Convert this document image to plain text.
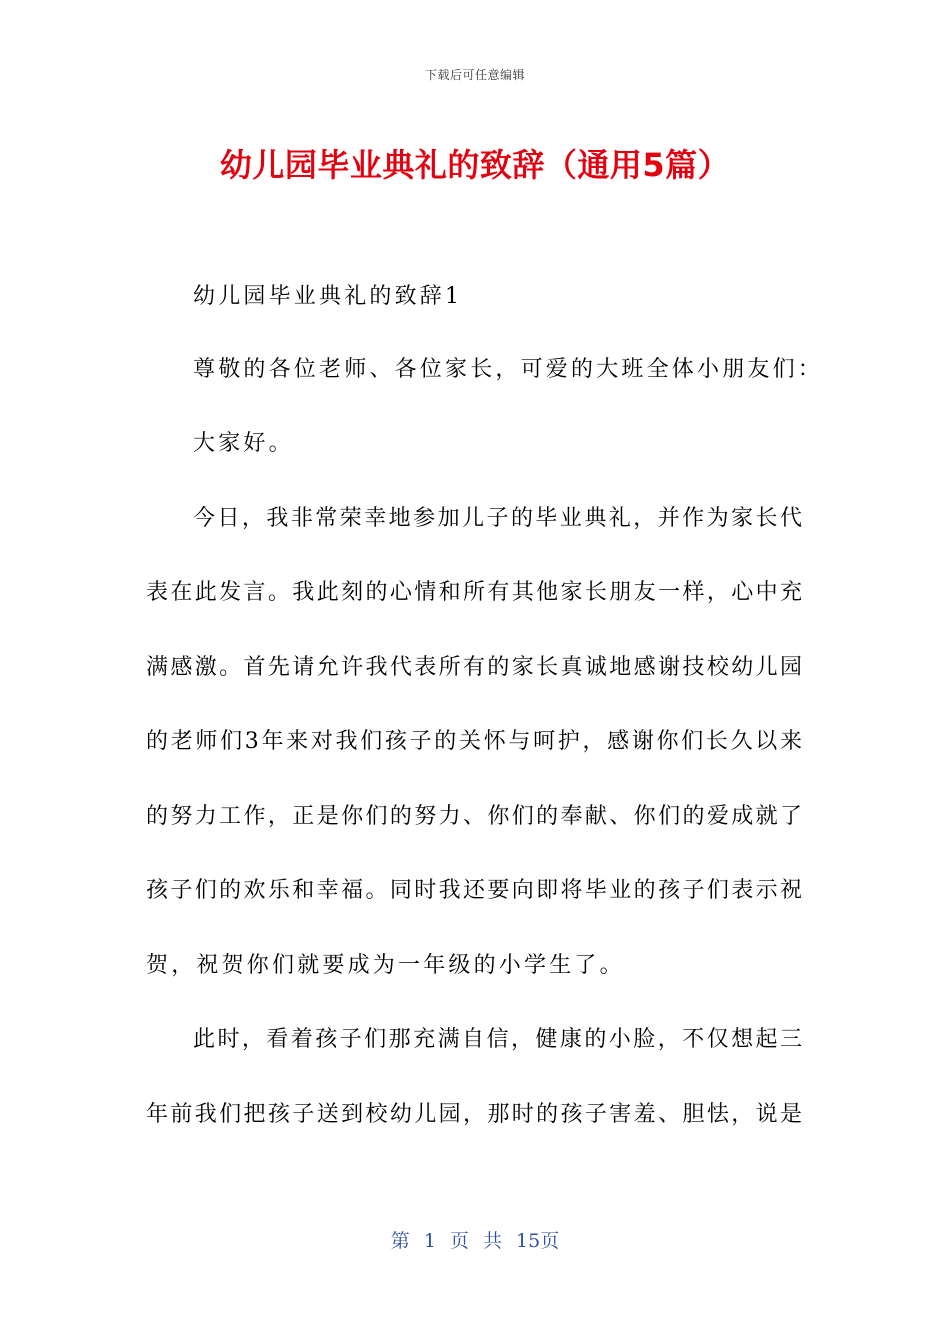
下载后可任意编辑
幼儿园毕业典礼的致辞（通用5篇）

幼儿园毕业典礼的致辞1

尊敬的各位老师、各位家长，可爱的大班全体小朋友们：

大家好。

今日，我非常荣幸地参加儿子的毕业典礼，并作为家长代

表在此发言。我此刻的心情和所有其他家长朋友一样，心中充

满感激。首先请允许我代表所有的家长真诚地感谢技校幼儿园

的老师们3年来对我们孩子的关怀与呵护，感谢你们长久以来

的努力工作，正是你们的努力、你们的奉献、你们的爱成就了

孩子们的欢乐和幸福。同时我还要向即将毕业的孩子们表示祝

贺，祝贺你们就要成为一年级的小学生了。

此时，看着孩子们那充满自信，健康的小脸，不仅想起三

年前我们把孩子送到校幼儿园，那时的孩子害羞、胆怯，说是

第 1 页 共 15页
